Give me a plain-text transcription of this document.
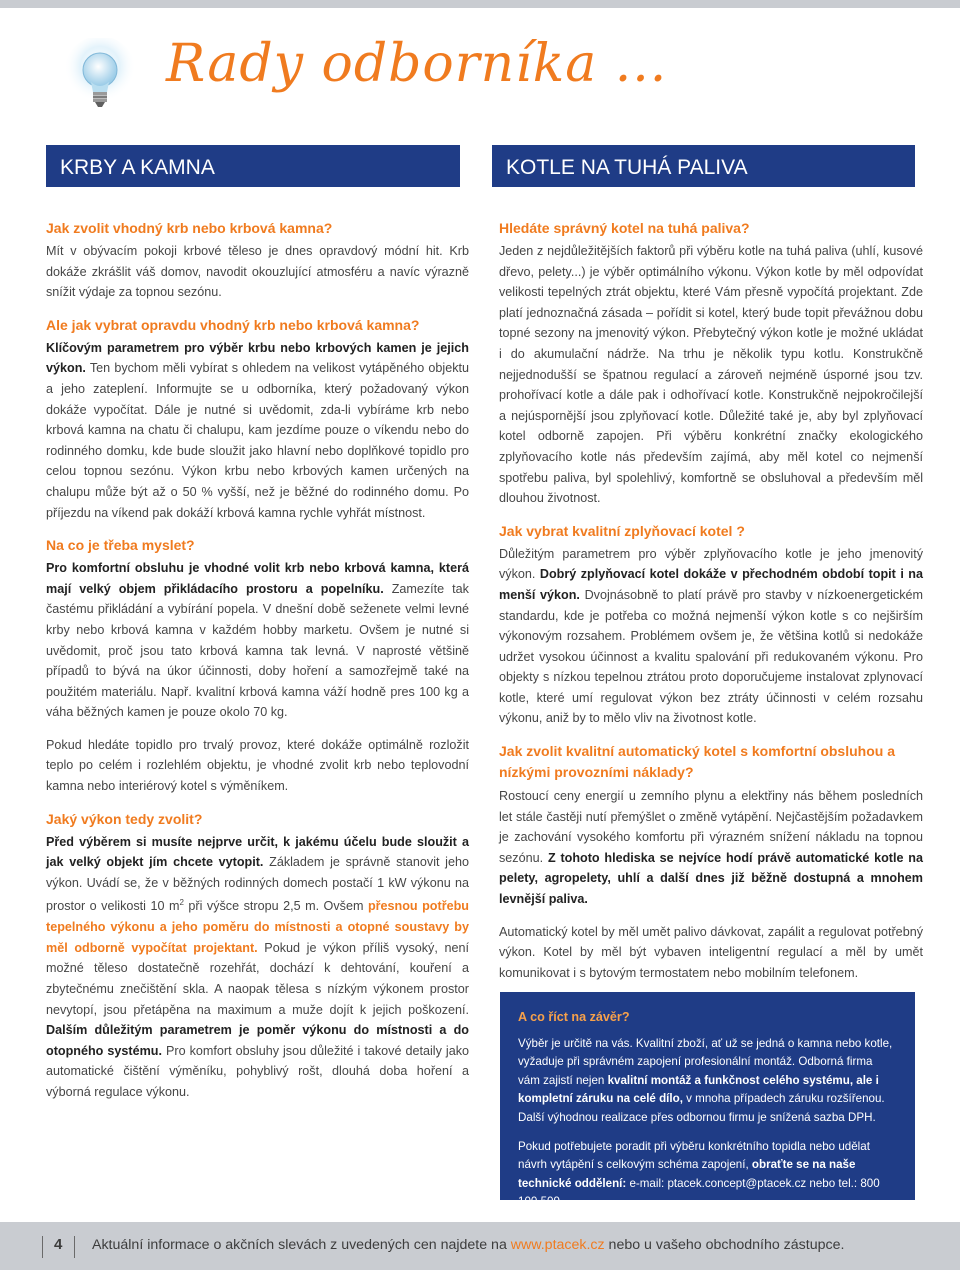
Rady odborníka ...
KRBY A KAMNA	KOTLE NA TUHÁ PALIVA
Jak zvolit vhodný krb nebo krbová kamna?

Mít v obývacím pokoji krbové těleso je dnes opravdový módní hit. Krb dokáže zkrášlit váš domov, navodit okouzlující atmosféru a navíc výrazně snížit výdaje za topnou sezónu.

Ale jak vybrat opravdu vhodný krb nebo krbová kamna?

Klíčovým parametrem pro výběr krbu nebo krbových kamen je jejich výkon. Ten bychom měli vybírat s ohledem na velikost vytápěného objektu a jeho zateplení. Informujte se u odborníka, který požadovaný výkon dokáže vypočítat. Dále je nutné si uvědomit, zda-li vybíráme krb nebo krbová kamna na chatu či chalupu, kam jezdíme pouze o víkendu nebo do rodinného domku, kde bude sloužit jako hlavní nebo doplňkové topidlo pro celou topnou sezónu. Výkon krbu nebo krbových kamen určených na chalupu může být až o 50 % vyšší, než je běžné do rodinného domu. Po příjezdu na víkend pak dokáží krbová kamna rychle vyhřát místnost.

Na co je třeba myslet?

Pro komfortní obsluhu je vhodné volit krb nebo krbová kamna, která mají velký objem přikládacího prostoru a popelníku. Zamezíte tak častému přikládání a vybírání popela. V dnešní době seženete velmi levné krby nebo krbová kamna v každém hobby marketu. Ovšem je nutné si uvědomit, proč jsou tato krbová kamna tak levná. V naprosté většině případů to bývá na úkor účinnosti, doby hoření a samozřejmě také na použitém materiálu. Např. kvalitní krbová kamna váží hodně pres 100 kg a váha běžných kamen je pouze okolo 70 kg.

Pokud hledáte topidlo pro trvalý provoz, které dokáže optimálně rozložit teplo po celém i rozlehlém objektu, je vhodné zvolit krb nebo teplovodní kamna nebo interiérový kotel s výměníkem.

Jaký výkon tedy zvolit?

Před výběrem si musíte nejprve určit, k jakému účelu bude sloužit a jak velký objekt jím chcete vytopit. Základem je správně stanovit jeho výkon. Uvádí se, že v běžných rodinných domech postačí 1 kW výkonu na prostor o velikosti 10 $m^2$ při výšce stropu 2,5 m. Ovšem přesnou potřebu tepelného výkonu a jeho poměru do místnosti a otopné soustavy by měl odborně vypočítat projektant. Pokud je výkon příliš vysoký, není možné těleso dostatečně rozehřát, dochází k dehtování, kouření a zbytečnému znečištění skla. A naopak tělesa s nízkým výkonem prostor nevytopí, jsou přetápěna na maximum a muže dojít k jejich poškození. Dalším důležitým parametrem je poměr výkonu do místnosti a do otopného systému. Pro komfort obsluhy jsou důležité i takové detaily jako automatické čištění výměníku, pohyblivý rošt, dlouhá doba hoření a výborná regulace výkonu.

Hledáte správný kotel na tuhá paliva?

Jeden z nejdůležitějších faktorů při výběru kotle na tuhá paliva (uhlí, kusové dřevo, pelety...) je výběr optimálního výkonu. Výkon kotle by měl odpovídat velikosti tepelných ztrát objektu, které Vám přesně vypočítá projektant. Zde platí jednoznačná zásada – pořídit si kotel, který bude topit převážnou dobu topné sezony na jmenovitý výkon. Přebytečný výkon kotle je možné ukládat i do akumulační nádrže. Na trhu je několik typu kotlu. Konstrukčně nejjednodušší se špatnou regulací a zároveň nejméně úsporné jsou tzv. prohořívací kotle a dále pak i odhořívací kotle. Konstrukčně nejpokročilejší a nejúspornější jsou zplyňovací kotle. Důležité také je, aby byl zplyňovací kotel odborně zapojen. Při výběru konkrétní značky ekologického zplyňovacího kotle nás především zajímá, aby měl kotel co nejmenší spotřebu paliva, byl spolehlivý, komfortně se obsluhoval a především měl dlouhou životnost.

Jak vybrat kvalitní zplyňovací kotel ?

Důležitým parametrem pro výběr zplyňovacího kotle je jeho jmenovitý výkon. Dobrý zplyňovací kotel dokáže v přechodném období topit i na menší výkon. Dvojnásobně to platí právě pro stavby v nízkoenergetickém standardu, kde je potřeba co možná nejmenší výkon kotle s co nejširším výkonovým rozsahem. Problémem ovšem je, že většina kotlů si nedokáže udržet vysokou účinnost a kvalitu spalování při redukovaném výkonu. Pro objekty s nízkou tepelnou ztrátou proto doporučujeme instalovat zplynovací kotle, které umí regulovat výkon bez ztráty účinnosti v celém rozsahu výkonu, aniž by to mělo vliv na životnost kotle.

Jak zvolit kvalitní automatický kotel s komfortní obsluhou a nízkými provozními náklady?

Rostoucí ceny energií u zemního plynu a elektřiny nás během posledních let stále častěji nutí přemýšlet o změně vytápění. Nejčastějším požadavkem je zachování vysokého komfortu při výrazném snížení nákladu na topnou sezónu. Z tohoto hlediska se nejvíce hodí právě automatické kotle na pelety, agropelety, uhlí a další dnes již běžně dostupná a mnohem levnější paliva.

Automatický kotel by měl umět palivo dávkovat, zapálit a regulovat potřebný výkon. Kotel by měl být vybaven inteligentní regulací a měl by umět komunikovat i s bytovým termostatem nebo mobilním telefonem.

A co říct na závěr?

Výběr je určitě na vás. Kvalitní zboží, ať už se jedná o kamna nebo kotle, vyžaduje při správném zapojení profesionální montáž. Odborná firma vám zajistí nejen kvalitní montáž a funkčnost celého systému, ale i kompletní záruku na celé dílo, v mnoha případech záruku rozšířenou. Další výhodnou realizace přes odbornou firmu je snížená sazba DPH.

Pokud potřebujete poradit při výběru konkrétního topidla nebo udělat návrh vytápění s celkovým schéma zapojení, obraťte se na naše technické oddělení: e-mail: ptacek.concept@ptacek.cz nebo tel.: 800 100 509.

4 Aktuální informace o akčních slevách z uvedených cen najdete na www.ptacek.cz nebo u vašeho obchodního zástupce.
